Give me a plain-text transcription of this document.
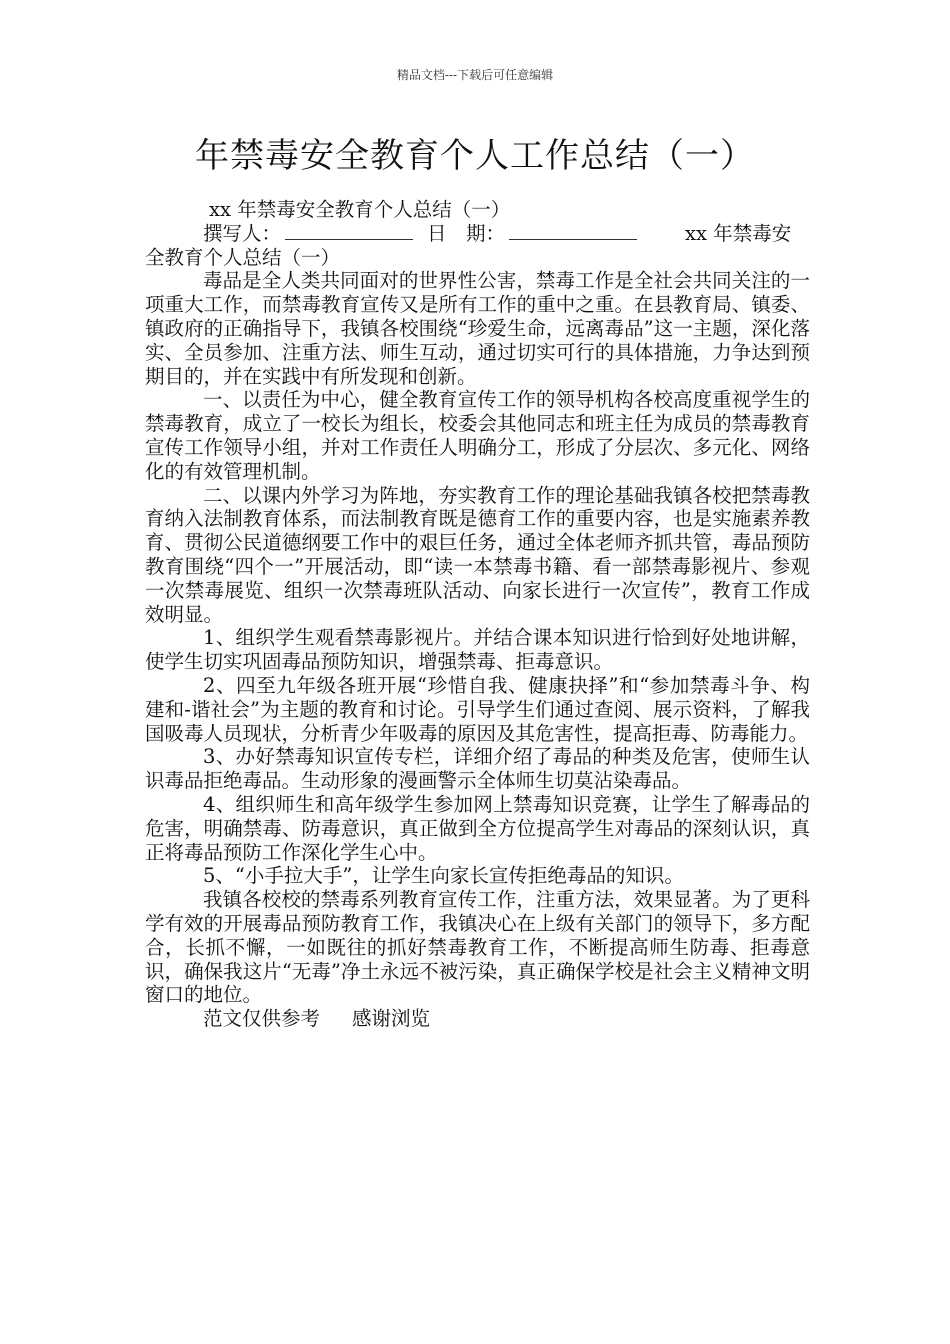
精品文档---下载后可任意编辑
年禁毒安全教育个人工作总结（一）

xx 年禁毒安全教育个人总结（一）

撰写人：	日　期：	xx 年禁毒安

全教育个人总结（一）

毒品是全人类共同面对的世界性公害，禁毒工作是全社会共同关注的一项重大工作，而禁毒教育宣传又是所有工作的重中之重。在县教育局、镇委、镇政府的正确指导下，我镇各校围绕“珍爱生命，远离毒品”这一主题，深化落实、全员参加、注重方法、师生互动，通过切实可行的具体措施，力争达到预期目的，并在实践中有所发现和创新。

一、以责任为中心，健全教育宣传工作的领导机构各校高度重视学生的禁毒教育，成立了一校长为组长，校委会其他同志和班主任为成员的禁毒教育宣传工作领导小组，并对工作责任人明确分工，形成了分层次、多元化、网络化的有效管理机制。

二、以课内外学习为阵地，夯实教育工作的理论基础我镇各校把禁毒教育纳入法制教育体系，而法制教育既是德育工作的重要内容，也是实施素养教育、贯彻公民道德纲要工作中的艰巨任务，通过全体老师齐抓共管，毒品预防教育围绕“四个一”开展活动，即“读一本禁毒书籍、看一部禁毒影视片、参观一次禁毒展览、组织一次禁毒班队活动、向家长进行一次宣传”，教育工作成效明显。

1、组织学生观看禁毒影视片。并结合课本知识进行恰到好处地讲解，使学生切实巩固毒品预防知识，增强禁毒、拒毒意识。

2、四至九年级各班开展“珍惜自我、健康抉择”和“参加禁毒斗争、构建和-谐社会”为主题的教育和讨论。引导学生们通过查阅、展示资料，了解我国吸毒人员现状，分析青少年吸毒的原因及其危害性，提高拒毒、防毒能力。

3、办好禁毒知识宣传专栏，详细介绍了毒品的种类及危害，使师生认识毒品拒绝毒品。生动形象的漫画警示全体师生切莫沾染毒品。

4、组织师生和高年级学生参加网上禁毒知识竞赛，让学生了解毒品的危害，明确禁毒、防毒意识，真正做到全方位提高学生对毒品的深刻认识，真正将毒品预防工作深化学生心中。

5、“小手拉大手”，让学生向家长宣传拒绝毒品的知识。

我镇各校校的禁毒系列教育宣传工作，注重方法，效果显著。为了更科学有效的开展毒品预防教育工作，我镇决心在上级有关部门的领导下，多方配合，长抓不懈，一如既往的抓好禁毒教育工作，不断提高师生防毒、拒毒意识，确保我这片“无毒”净土永远不被污染，真正确保学校是社会主义精神文明窗口的地位。

范文仅供参考 感谢浏览
